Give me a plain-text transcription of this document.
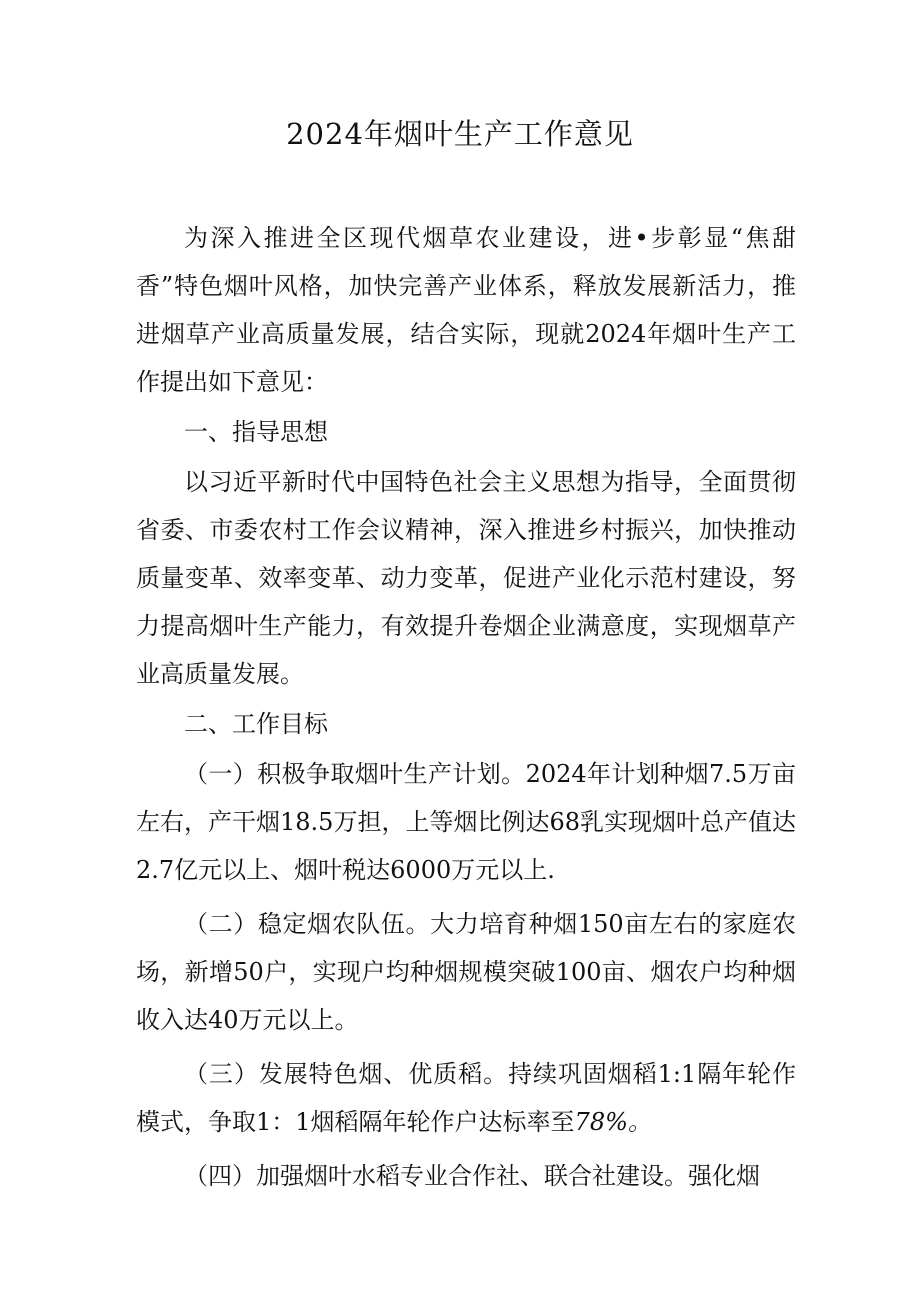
2024年烟叶生产工作意见

为深入推进全区现代烟草农业建设，进•步彰显“焦甜香”特色烟叶风格，加快完善产业体系，释放发展新活力，推进烟草产业高质量发展，结合实际，现就2024年烟叶生产工作提出如下意见：

一、指导思想

以习近平新时代中国特色社会主义思想为指导，全面贯彻省委、市委农村工作会议精神，深入推进乡村振兴，加快推动质量变革、效率变革、动力变革，促进产业化示范村建设，努力提高烟叶生产能力，有效提升卷烟企业满意度，实现烟草产业高质量发展。

二、工作目标

（一）积极争取烟叶生产计划。2024年计划种烟7.5万亩左右，产干烟18.5万担，上等烟比例达68乳实现烟叶总产值达2.7亿元以上、烟叶税达6000万元以上.

（二）稳定烟农队伍。大力培育种烟150亩左右的家庭农场，新增50户，实现户均种烟规模突破100亩、烟农户均种烟收入达40万元以上。

（三）发展特色烟、优质稻。持续巩固烟稻1:1隔年轮作模式，争取1：1烟稻隔年轮作户达标率至78%。

（四）加强烟叶水稻专业合作社、联合社建设。强化烟
